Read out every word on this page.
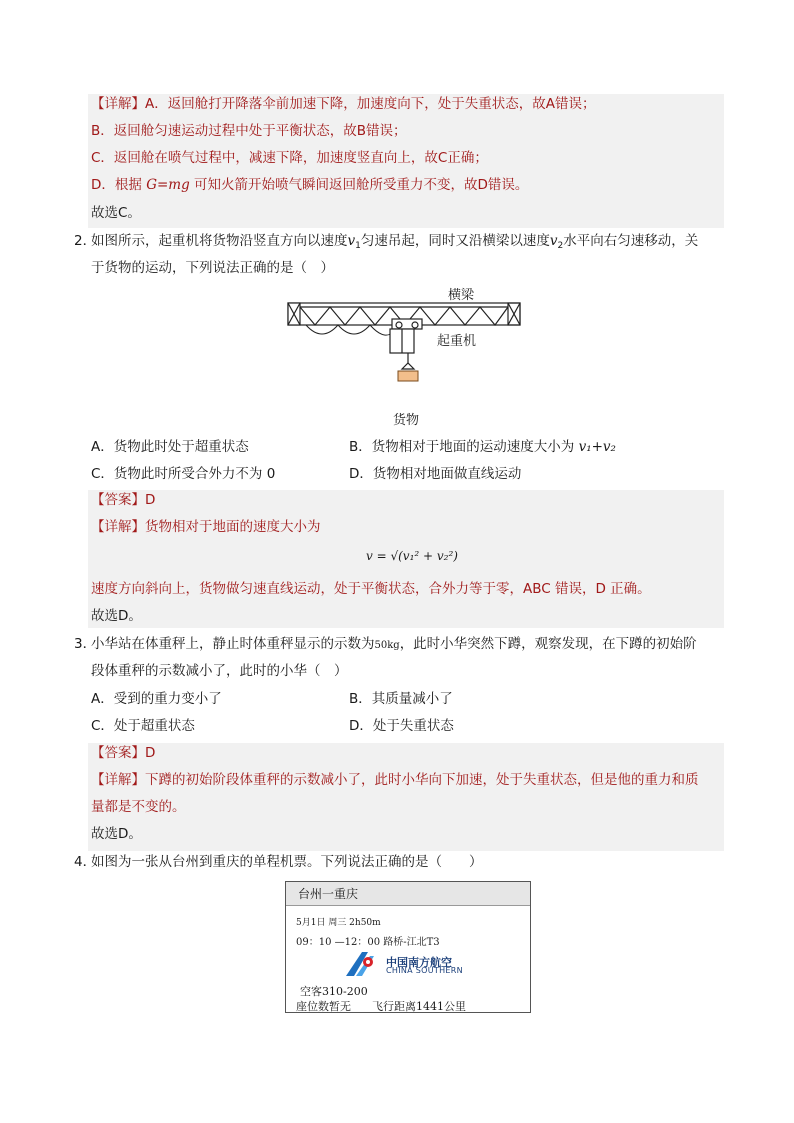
【详解】A．返回舱打开降落伞前加速下降，加速度向下，处于失重状态，故A错误；
B．返回舱匀速运动过程中处于平衡状态，故B错误；
C．返回舱在喷气过程中，减速下降，加速度竖直向上，故C正确；
D．根据 G=mg 可知火箭开始喷气瞬间返回舱所受重力不变，故D错误。
故选C。
2．
如图所示，起重机将货物沿竖直方向以速度$v_1$匀速吊起，同时又沿横梁以速度$v_2$水平向右匀速移动，关
于货物的运动，下列说法正确的是（　）
横梁
起重机
货物
A．货物此时处于超重状态	B．货物相对于地面的运动速度大小为 v₁+v₂
C．货物此时所受合外力不为 0	D．货物相对地面做直线运动
【答案】D
【详解】货物相对于地面的速度大小为
v = √(v₁² + v₂²)
速度方向斜向上，货物做匀速直线运动，处于平衡状态，合外力等于零，ABC 错误，D 正确。
故选D。
3．
小华站在体重秤上，静止时体重秤显示的示数为50kg，此时小华突然下蹲，观察发现，在下蹲的初始阶
段体重秤的示数减小了，此时的小华（　）
A．受到的重力变小了	B．其质量减小了
C．处于超重状态	D．处于失重状态
【答案】D
【详解】下蹲的初始阶段体重秤的示数减小了，此时小华向下加速，处于失重状态，但是他的重力和质
量都是不变的。
故选D。
4．
如图为一张从台州到重庆的单程机票。下列说法正确的是（　　）
台州一重庆
5月1日 周三 2h50m
09：10 —12：00 路桥-江北T3
中国南方航空
CHINA SOUTHERN
空客310-200
座位数暂无 飞行距离1441公里
